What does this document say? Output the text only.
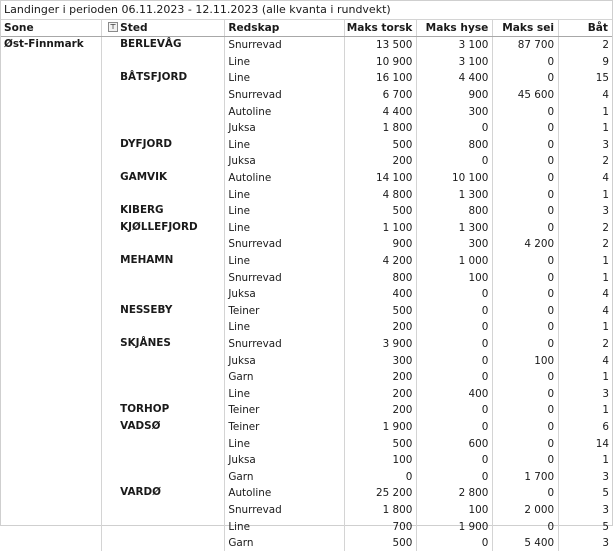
Landinger i perioden 06.11.2023 - 12.11.2023 (alle kvanta i rundvekt)
Sone	⊤ Sted	Redskap	Maks torsk	Maks hyse	Maks sei	Båt
Øst-Finnmark	BERLEVÅG	Snurrevad	13 500	3 100	87 700	2
		Line	10 900	3 100	0	9
	BÅTSFJORD	Line	16 100	4 400	0	15
		Snurrevad	6 700	900	45 600	4
		Autoline	4 400	300	0	1
		Juksa	1 800	0	0	1
	DYFJORD	Line	500	800	0	3
		Juksa	200	0	0	2
	GAMVIK	Autoline	14 100	10 100	0	4
		Line	4 800	1 300	0	1
	KIBERG	Line	500	800	0	3
	KJØLLEFJORD	Line	1 100	1 300	0	2
		Snurrevad	900	300	4 200	2
	MEHAMN	Line	4 200	1 000	0	1
		Snurrevad	800	100	0	1
		Juksa	400	0	0	4
	NESSEBY	Teiner	500	0	0	4
		Line	200	0	0	1
	SKJÅNES	Snurrevad	3 900	0	0	2
		Juksa	300	0	100	4
		Garn	200	0	0	1
		Line	200	400	0	3
	TORHOP	Teiner	200	0	0	1
	VADSØ	Teiner	1 900	0	0	6
		Line	500	600	0	14
		Juksa	100	0	0	1
		Garn	0	0	1 700	3
	VARDØ	Autoline	25 200	2 800	0	5
		Snurrevad	1 800	100	2 000	3
		Line	700	1 900	0	5
		Garn	500	0	5 400	3
